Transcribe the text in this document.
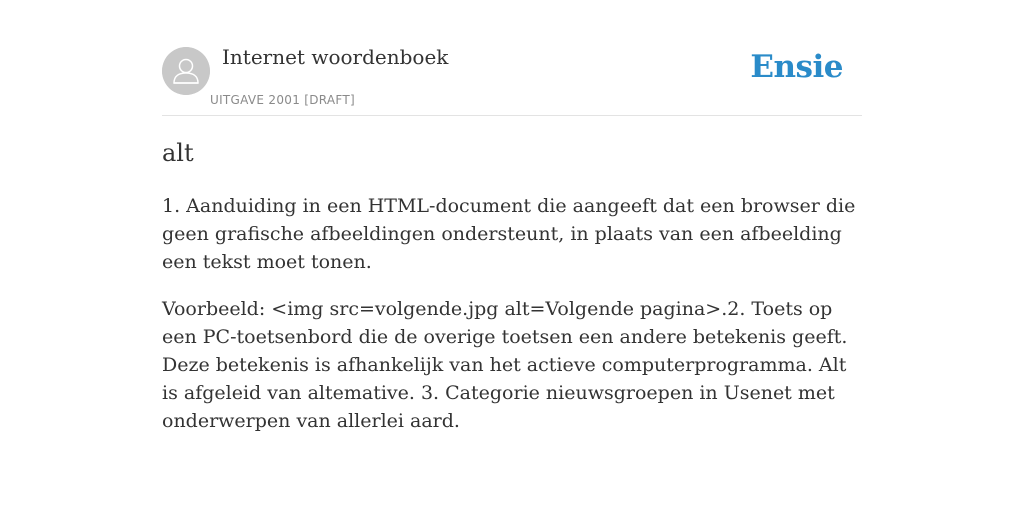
Internet woordenboek
UITGAVE 2001 [DRAFT]
Ensie
alt
1. Aanduiding in een HTML-document die aangeeft dat een browser die geen grafische afbeeldingen ondersteunt, in plaats van een afbeelding een tekst moet tonen.
Voorbeeld: <img src=volgende.jpg alt=Volgende pagina>.2. Toets op een PC-toetsenbord die de overige toetsen een andere betekenis geeft. Deze betekenis is afhankelijk van het actieve computerprogramma. Alt is afgeleid van altemative. 3. Categorie nieuwsgroepen in Usenet met onderwerpen van allerlei aard.
